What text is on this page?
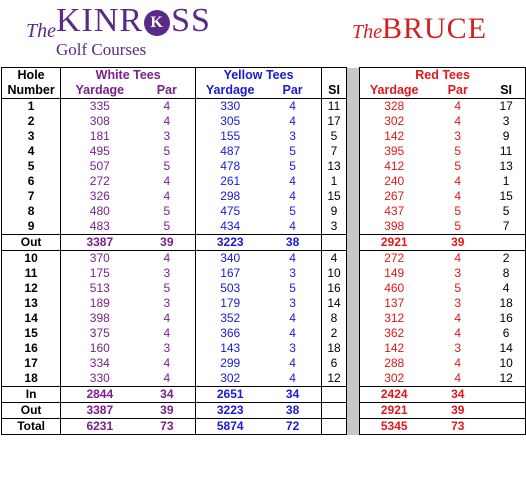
The KINR K SS
Golf Courses
TheBRUCE
Hole	White Tees		Yellow Tees				Red Tees		
Number	Yardage	Par	Yardage	Par	SI		Yardage	Par	SI
1	335	4	330	4	11		328	4	17
2	308	4	305	4	17		302	4	3
3	181	3	155	3	5		142	3	9
4	495	5	487	5	7		395	5	11
5	507	5	478	5	13		412	5	13
6	272	4	261	4	1		240	4	1
7	326	4	298	4	15		267	4	15
8	480	5	475	5	9		437	5	5
9	483	5	434	4	3		398	5	7
Out	3387	39	3223	38			2921	39	
10	370	4	340	4	4		272	4	2
11	175	3	167	3	10		149	3	8
12	513	5	503	5	16		460	5	4
13	189	3	179	3	14		137	3	18
14	398	4	352	4	8		312	4	16
15	375	4	366	4	2		362	4	6
16	160	3	143	3	18		142	3	14
17	334	4	299	4	6		288	4	10
18	330	4	302	4	12		302	4	12
In	2844	34	2651	34			2424	34	
Out	3387	39	3223	38			2921	39	
Total	6231	73	5874	72			5345	73	
